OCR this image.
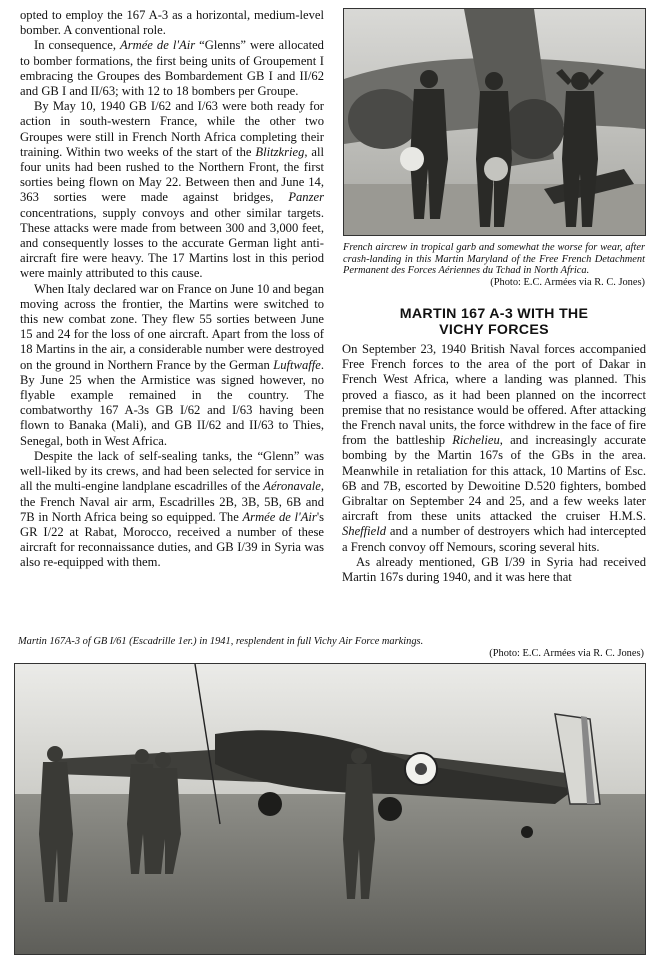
opted to employ the 167 A-3 as a horizontal, medium-level bomber. A conventional role.

In consequence, Armée de l'Air “Glenns” were allocated to bomber formations, the first being units of Groupement I embracing the Groupes des Bombardement GB I and II/62 and GB I and II/63; with 12 to 18 bombers per Groupe.

By May 10, 1940 GB I/62 and I/63 were both ready for action in south-western France, while the other two Groupes were still in French North Africa completing their training. Within two weeks of the start of the Blitzkrieg, all four units had been rushed to the Northern Front, the first sorties being flown on May 22. Between then and June 14, 363 sorties were made against bridges, Panzer concentrations, supply convoys and other similar targets. These attacks were made from between 300 and 3,000 feet, and consequently losses to the accurate German light anti-aircraft fire were heavy. The 17 Martins lost in this period were mainly attributed to this cause.

When Italy declared war on France on June 10 and began moving across the frontier, the Martins were switched to this new combat zone. They flew 55 sorties between June 15 and 24 for the loss of one aircraft. Apart from the loss of 18 Martins in the air, a considerable number were destroyed on the ground in Northern France by the German Luftwaffe. By June 25 when the Armistice was signed however, no flyable example remained in the country. The combatworthy 167 A-3s GB I/62 and I/63 having been flown to Banaka (Mali), and GB II/62 and II/63 to Thies, Senegal, both in West Africa.

Despite the lack of self-sealing tanks, the “Glenn” was well-liked by its crews, and had been selected for service in all the multi-engine landplane escadrilles of the Aéronavale, the French Naval air arm, Escadrilles 2B, 3B, 5B, 6B and 7B in North Africa being so equipped. The Armée de l'Air's GR I/22 at Rabat, Morocco, received a number of these aircraft for reconnaissance duties, and GB I/39 in Syria was also re-equipped with them.

French aircrew in tropical garb and somewhat the worse for wear, after crash-landing in this Martin Maryland of the Free French Detachment Permanent des Forces Aériennes du Tchad in North Africa.
(Photo: E.C. Armées via R. C. Jones)
MARTIN 167 A-3 WITH THE
VICHY FORCES

On September 23, 1940 British Naval forces accompanied Free French forces to the area of the port of Dakar in French West Africa, where a landing was planned. This proved a fiasco, as it had been planned on the incorrect premise that no resistance would be offered. After attacking the French naval units, the force withdrew in the face of fire from the battleship Richelieu, and increasingly accurate bombing by the Martin 167s of the GBs in the area. Meanwhile in retaliation for this attack, 10 Martins of Esc. 6B and 7B, escorted by Dewoitine D.520 fighters, bombed Gibraltar on September 24 and 25, and a few weeks later aircraft from these units attacked the cruiser H.M.S. Sheffield and a number of destroyers which had intercepted a French convoy off Nemours, scoring several hits.

As already mentioned, GB I/39 in Syria had received Martin 167s during 1940, and it was here that

Martin 167A-3 of GB I/61 (Escadrille 1er.) in 1941, resplendent in full Vichy Air Force markings.
(Photo: E.C. Armées via R. C. Jones)
